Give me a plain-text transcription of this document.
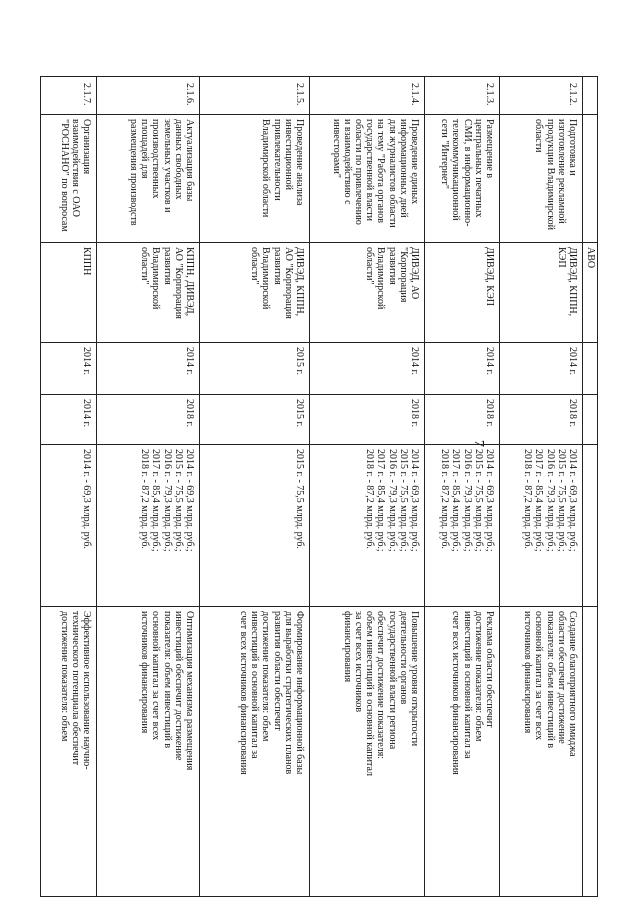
7
АВО
2.1.2.
Подготовка и
изготовление рекламной
продукции Владимирской
области
ДИВЭД, КППН,
КЭП
2014 г.
2018 г.
2014 г. - 69,3 млрд. руб.;
2015 г. - 75,5 млрд. руб.;
2016 г. - 79,3 млрд. руб.;
2017 г. - 85,4 млрд. руб.;
2018 г. - 87,2 млрд. руб.
Создание благоприятного имиджа
области обеспечит достижение
показателя: объем инвестиций в
основной капитал за счет всех
источников финансирования
2.1.3.
Размещение в
центральных печатных
СМИ, в информационно-
телекоммуникационной
сети "Интернет"
ДИВЭД, КЭП
2014 г.
2018 г.
2014 г. - 69,3 млрд. руб.;
2015 г. - 75,5 млрд. руб.;
2016 г. - 79,3 млрд. руб.;
2017 г. - 85,4 млрд. руб.;
2018 г. - 87,2 млрд. руб.
Реклама области обеспечит
достижение показателя: объем
инвестиций в основной капитал за
счет всех источников финансирования
2.1.4.
Проведение единых
информационных дней
для журналистов области
на тему "Работа органов
государственной власти
области по привлечению
и взаимодействию с
инвесторами"
ДИВЭД, АО
"Корпорация
развития
Владимирской
области"
2014 г.
2018 г.
2014 г. - 69,3 млрд. руб.;
2015 г. - 75,5 млрд. руб.;
2016 г. - 79,3 млрд. руб.;
2017 г. - 85,4 млрд. руб.;
2018 г. - 87,2 млрд. руб.
Повышение уровня открытости
деятельности органов
государственной власти региона
обеспечит достижение показателя:
объем инвестиций в основной капитал
за счет всех источников
финансирования
2.1.5.
Проведение анализа
инвестиционной
привлекательности
Владимирской области
ДИВЭД, КППН,
АО "Корпорация
развития
Владимирской
области"
2015 г.
2015 г.
2015 г. - 75,5 млрд. руб.
Формирование информационной базы
для выработки стратегических планов
развития области обеспечит
достижение показателя: объем
инвестиций в основной капитал за
счет всех источников финансирования
2.1.6.
Актуализация базы
данных свободных
земельных участков и
производственных
площадей для
размещения производств
КППН, ДИВЭД,
АО "Корпорация
развития
Владимирской
области"
2014 г.
2018 г.
2014 г. - 69,3 млрд. руб.;
2015 г. - 75,5 млрд. руб.;
2016 г. - 79,3 млрд. руб.;
2017 г. - 85,4 млрд. руб.;
2018 г. - 87,2 млрд. руб.
Оптимизация механизма размещения
инвестиций обеспечит достижение
показателя: объем инвестиций в
основной капитал за счет всех
источников финансирования
2.1.7.
Организация
взаимодействия с ОАО
"РОСНАНО" по вопросам
КППН
2014 г.
2014 г.
2014 г. - 69,3 млрд. руб.
Эффективное использование научно-
технического потенциала обеспечит
достижение показателя: объем
